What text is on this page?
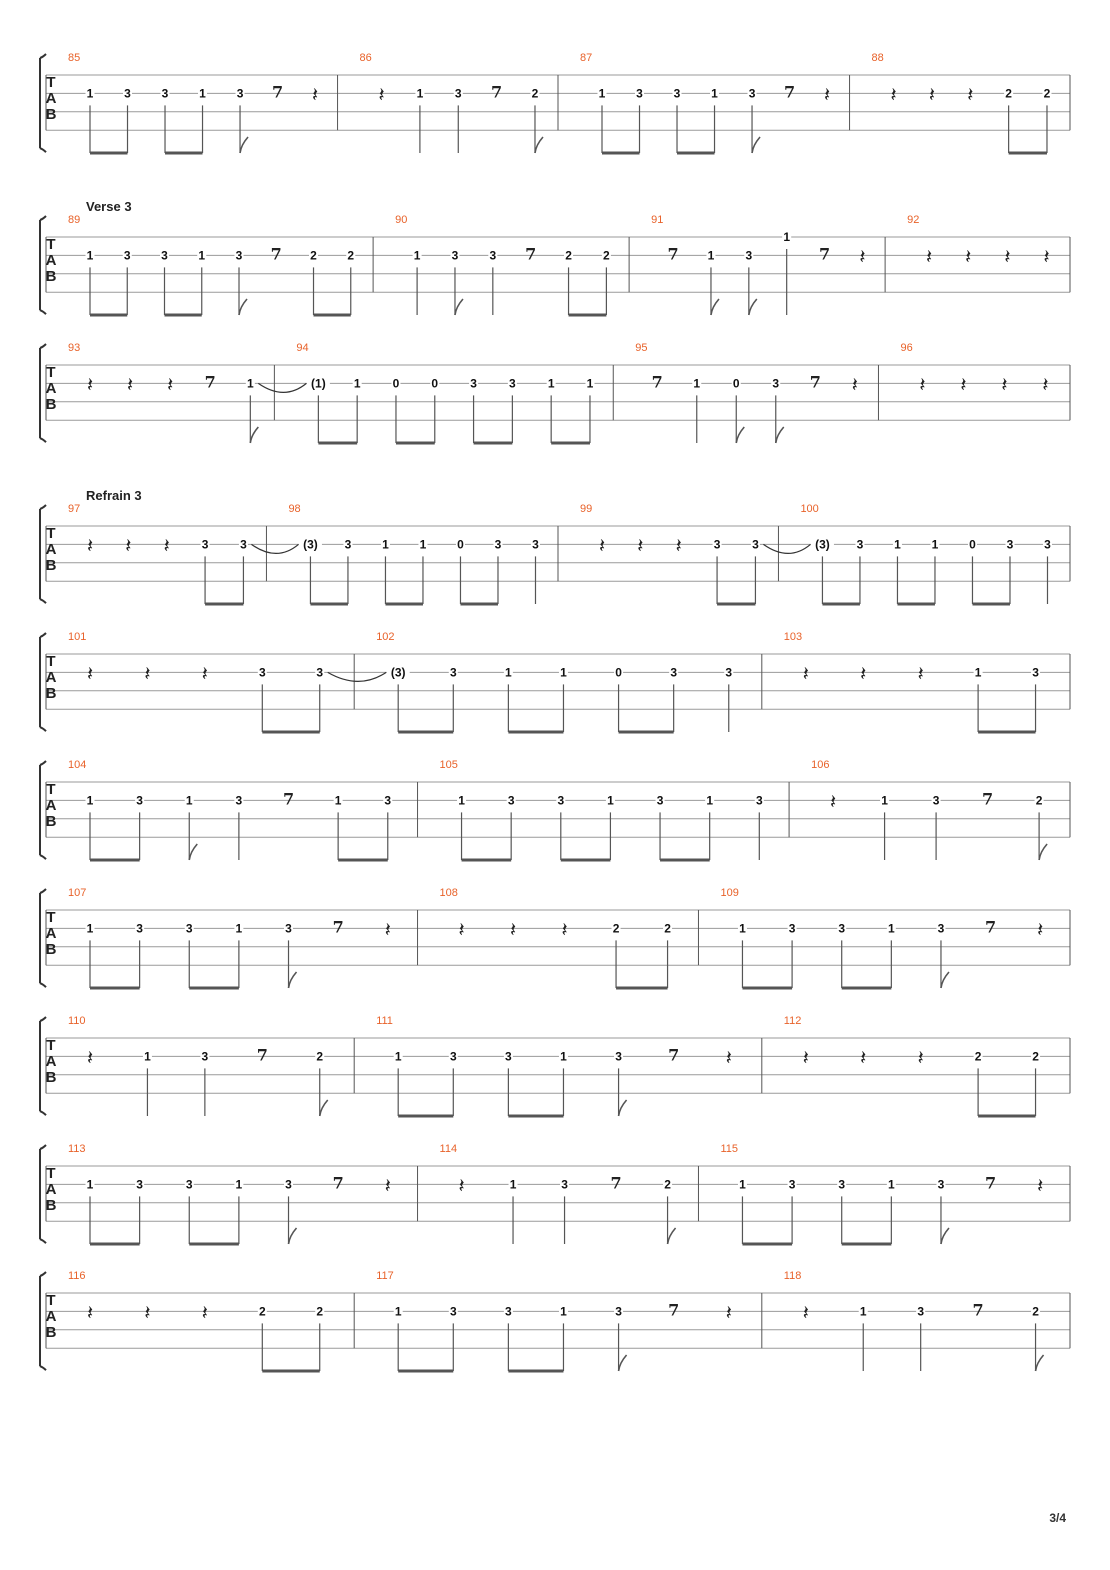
T
A
B
85
1	3	3	1	3 7 𝄽
86
𝄽	1	3 7 2
87
1	3	3	1	3 7 𝄽
88
𝄽 𝄽 𝄽	2	2
Verse 3
T
A
B
89
1	3	3	1	3 7 2	2
90
1	3	3 7 2	2
91
7 1	3
1
7 𝄽
92
𝄽 𝄽 𝄽 𝄽
T
A
B
93
𝄽 𝄽 𝄽 7	1
94
(1) 1	0	0	3	3	1	1
95
7	1	0	3 7 𝄽
96
𝄽 𝄽 𝄽 𝄽
Refrain 3
T
A
B
97
𝄽 𝄽 𝄽	3	3
98
(3) 3	1	1	0	3	3
99
𝄽 𝄽 𝄽	3	3
100
(3) 3	1	1	0	3	3
T
A
B
101
𝄽	𝄽	𝄽	3	3
102
(3)	3	1	1	0	3	3
103
𝄽	𝄽	𝄽	1	3
T
A
B
104
1	3	1	3	7	1	3
105
1	3	3	1	3	1	3
106
𝄽	1	3	7	2
T
A
B
107
1	3	3	1	3	7 𝄽
108
𝄽 𝄽 𝄽	2	2
109
1	3	3	1	3	7 𝄽
T
A
B
110
𝄽	1	3	7	2
111
1	3	3	1	3	7 𝄽
112
𝄽	𝄽	𝄽	2	2
T
A
B
113
1	3	3	1	3	7 𝄽
114
𝄽	1	3	7	2
115
1	3	3	1	3	7 𝄽
T
A
B
116
𝄽	𝄽	𝄽	2	2
117
1	3	3	1	3	7 𝄽
118
𝄽	1	3	7	2
3/4
